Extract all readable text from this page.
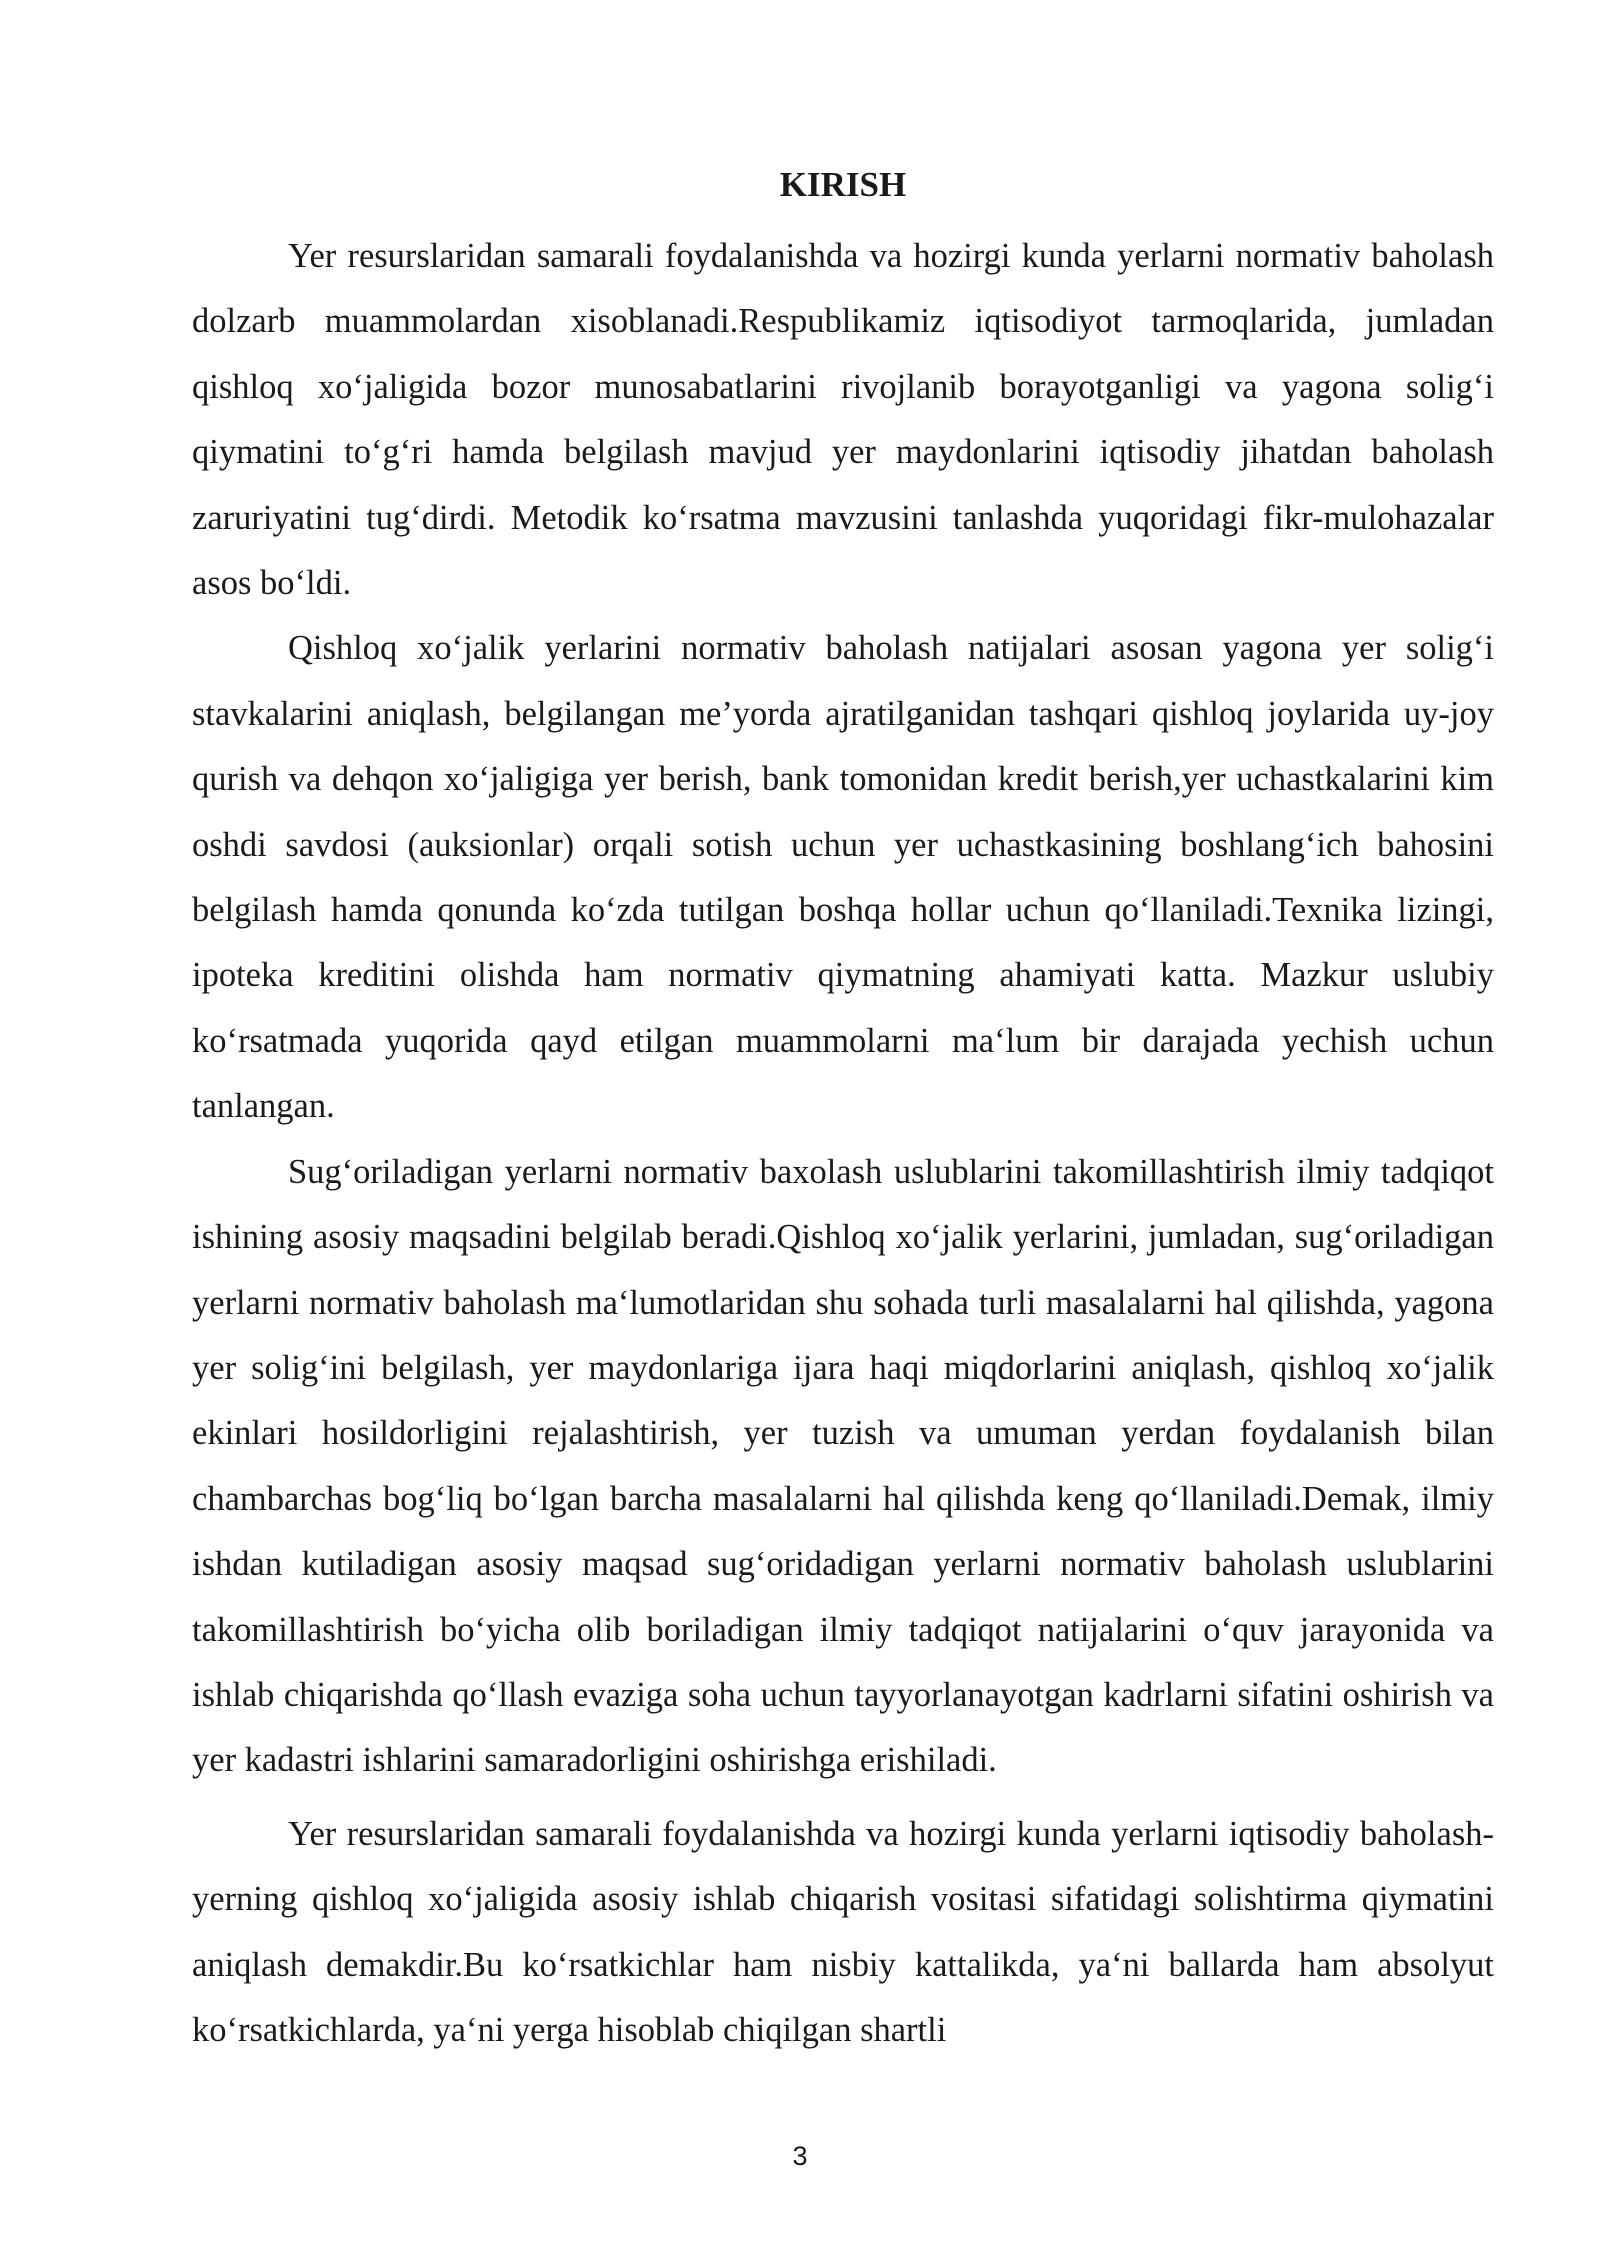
KIRISH

Yer resurslaridan samarali foydalanishda va hozirgi kunda yerlarni normativ baholash dolzarb muammolardan xisoblanadi.Respublikamiz iqtisodiyot tarmoqlarida, jumladan qishloq xo‘jaligida bozor munosabatlarini rivojlanib borayotganligi va yagona solig‘i qiymatini to‘g‘ri hamda belgilash mavjud yer maydonlarini iqtisodiy jihatdan baholash zaruriyatini tug‘dirdi. Metodik ko‘rsatma mavzusini tanlashda yuqoridagi fikr-mulohazalar asos bo‘ldi.

Qishloq xo‘jalik yerlarini normativ baholash natijalari asosan yagona yer solig‘i stavkalarini aniqlash, belgilangan me’yorda ajratilganidan tashqari qishloq joylarida uy-joy qurish va dehqon xo‘jaligiga yer berish, bank tomonidan kredit berish,yer uchastkalarini kim oshdi savdosi (auksionlar) orqali sotish uchun yer uchastkasining boshlang‘ich bahosini belgilash hamda qonunda ko‘zda tutilgan boshqa hollar uchun qo‘llaniladi.Texnika lizingi, ipoteka kreditini olishda ham normativ qiymatning ahamiyati katta. Mazkur uslubiy ko‘rsatmada yuqorida qayd etilgan muammolarni ma‘lum bir darajada yechish uchun tanlangan.

Sug‘oriladigan yerlarni normativ baxolash uslublarini takomillashtirish ilmiy tadqiqot ishining asosiy maqsadini belgilab beradi.Qishloq xo‘jalik yerlarini, jumladan, sug‘oriladigan yerlarni normativ baholash ma‘lumotlaridan shu sohada turli masalalarni hal qilishda, yagona yer solig‘ini belgilash, yer maydonlariga ijara haqi miqdorlarini aniqlash, qishloq xo‘jalik ekinlari hosildorligini rejalashtirish, yer tuzish va umuman yerdan foydalanish bilan chambarchas bog‘liq bo‘lgan barcha masalalarni hal qilishda keng qo‘llaniladi.Demak, ilmiy ishdan kutiladigan asosiy maqsad sug‘oridadigan yerlarni normativ baholash uslublarini takomillashtirish bo‘yicha olib boriladigan ilmiy tadqiqot natijalarini o‘quv jarayonida va ishlab chiqarishda qo‘llash evaziga soha uchun tayyorlanayotgan kadrlarni sifatini oshirish va yer kadastri ishlarini samaradorligini oshirishga erishiladi.

Yer resurslaridan samarali foydalanishda va hozirgi kunda yerlarni iqtisodiy baholash-yerning qishloq xo‘jaligida asosiy ishlab chiqarish vositasi sifatidagi solishtirma qiymatini aniqlash demakdir.Bu ko‘rsatkichlar ham nisbiy kattalikda, ya‘ni ballarda ham absolyut ko‘rsatkichlarda, ya‘ni yerga hisoblab chiqilgan shartli

3
